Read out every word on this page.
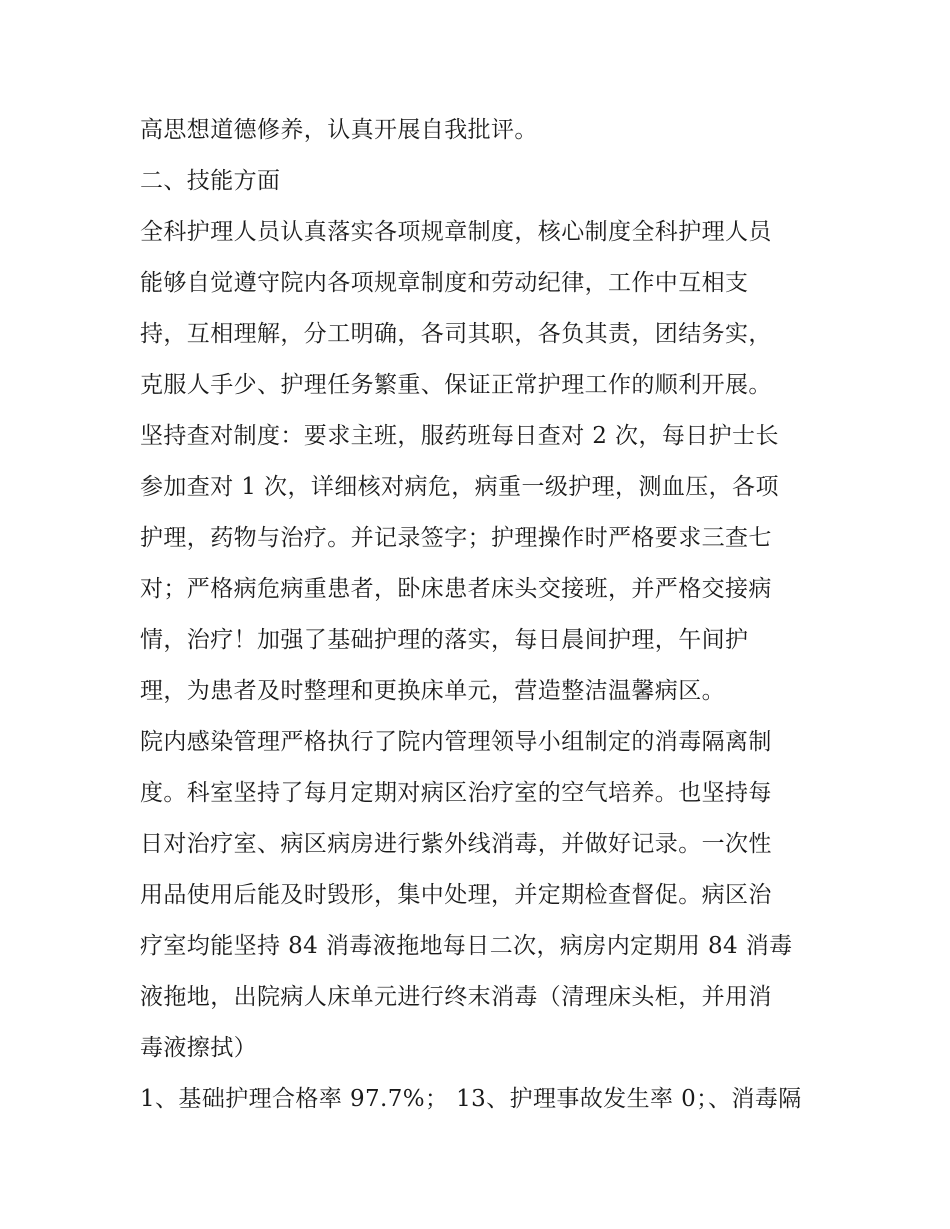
高思想道德修养，认真开展自我批评。
二、技能方面
全科护理人员认真落实各项规章制度，核心制度全科护理人员
能够自觉遵守院内各项规章制度和劳动纪律，工作中互相支
持，互相理解，分工明确，各司其职，各负其责，团结务实，
克服人手少、护理任务繁重、保证正常护理工作的顺利开展。
坚持查对制度：要求主班，服药班每日查对 2 次，每日护士长
参加查对 1 次，详细核对病危，病重一级护理，测血压，各项
护理，药物与治疗。并记录签字；护理操作时严格要求三查七
对；严格病危病重患者，卧床患者床头交接班，并严格交接病
情，治疗！加强了基础护理的落实，每日晨间护理，午间护
理，为患者及时整理和更换床单元，营造整洁温馨病区。
院内感染管理严格执行了院内管理领导小组制定的消毒隔离制
度。科室坚持了每月定期对病区治疗室的空气培养。也坚持每
日对治疗室、病区病房进行紫外线消毒，并做好记录。一次性
用品使用后能及时毁形，集中处理，并定期检查督促。病区治
疗室均能坚持 84 消毒液拖地每日二次，病房内定期用 84 消毒
液拖地，出院病人床单元进行终末消毒（清理床头柜，并用消
毒液擦拭）
1、基础护理合格率 97.7%； 13、护理事故发生率 0；、消毒隔
